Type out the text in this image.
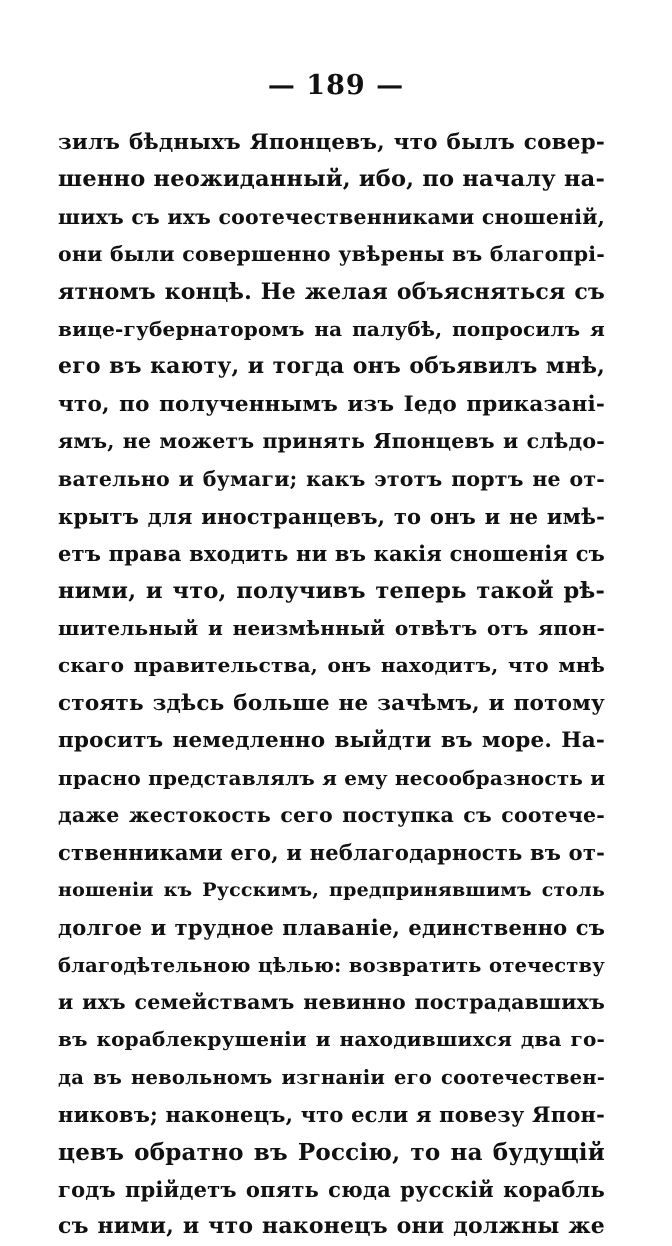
— 189 —
зилъ бѣдныхъ Японцевъ, что былъ совер-
шенно неожиданный, ибо, по началу на-
шихъ съ ихъ соотечественниками сношеній,
они были совершенно увѣрены въ благопрі-
ятномъ концѣ. Не желая объясняться съ
вице-губернаторомъ на палубѣ, попросилъ я
его въ каюту, и тогда онъ объявилъ мнѣ,
что, по полученнымъ изъ Іедо приказані-
ямъ, не можетъ принять Японцевъ и слѣдо-
вательно и бумаги; какъ этотъ портъ не от-
крытъ для иностранцевъ, то онъ и не имѣ-
етъ права входить ни въ какія сношенія съ
ними, и что, получивъ теперь такой рѣ-
шительный и неизмѣнный отвѣтъ отъ япон-
скаго правительства, онъ находитъ, что мнѣ
стоять здѣсь больше не зачѣмъ, и потому
проситъ немедленно выйдти въ море. На-
прасно представлялъ я ему несообразность и
даже жестокость сего поступка съ соотече-
ственниками его, и неблагодарность въ от-
ношеніи къ Русскимъ, предпринявшимъ столь
долгое и трудное плаваніе, единственно съ
благодѣтельною цѣлью: возвратить отечеству
и ихъ семействамъ невинно пострадавшихъ
въ кораблекрушеніи и находившихся два го-
да въ невольномъ изгнаніи его соотечествен-
никовъ; наконецъ, что если я повезу Япон-
цевъ обратно въ Россію, то на будущій
годъ прійдетъ опять сюда русскій корабль
съ ними, и что наконецъ они должны же
